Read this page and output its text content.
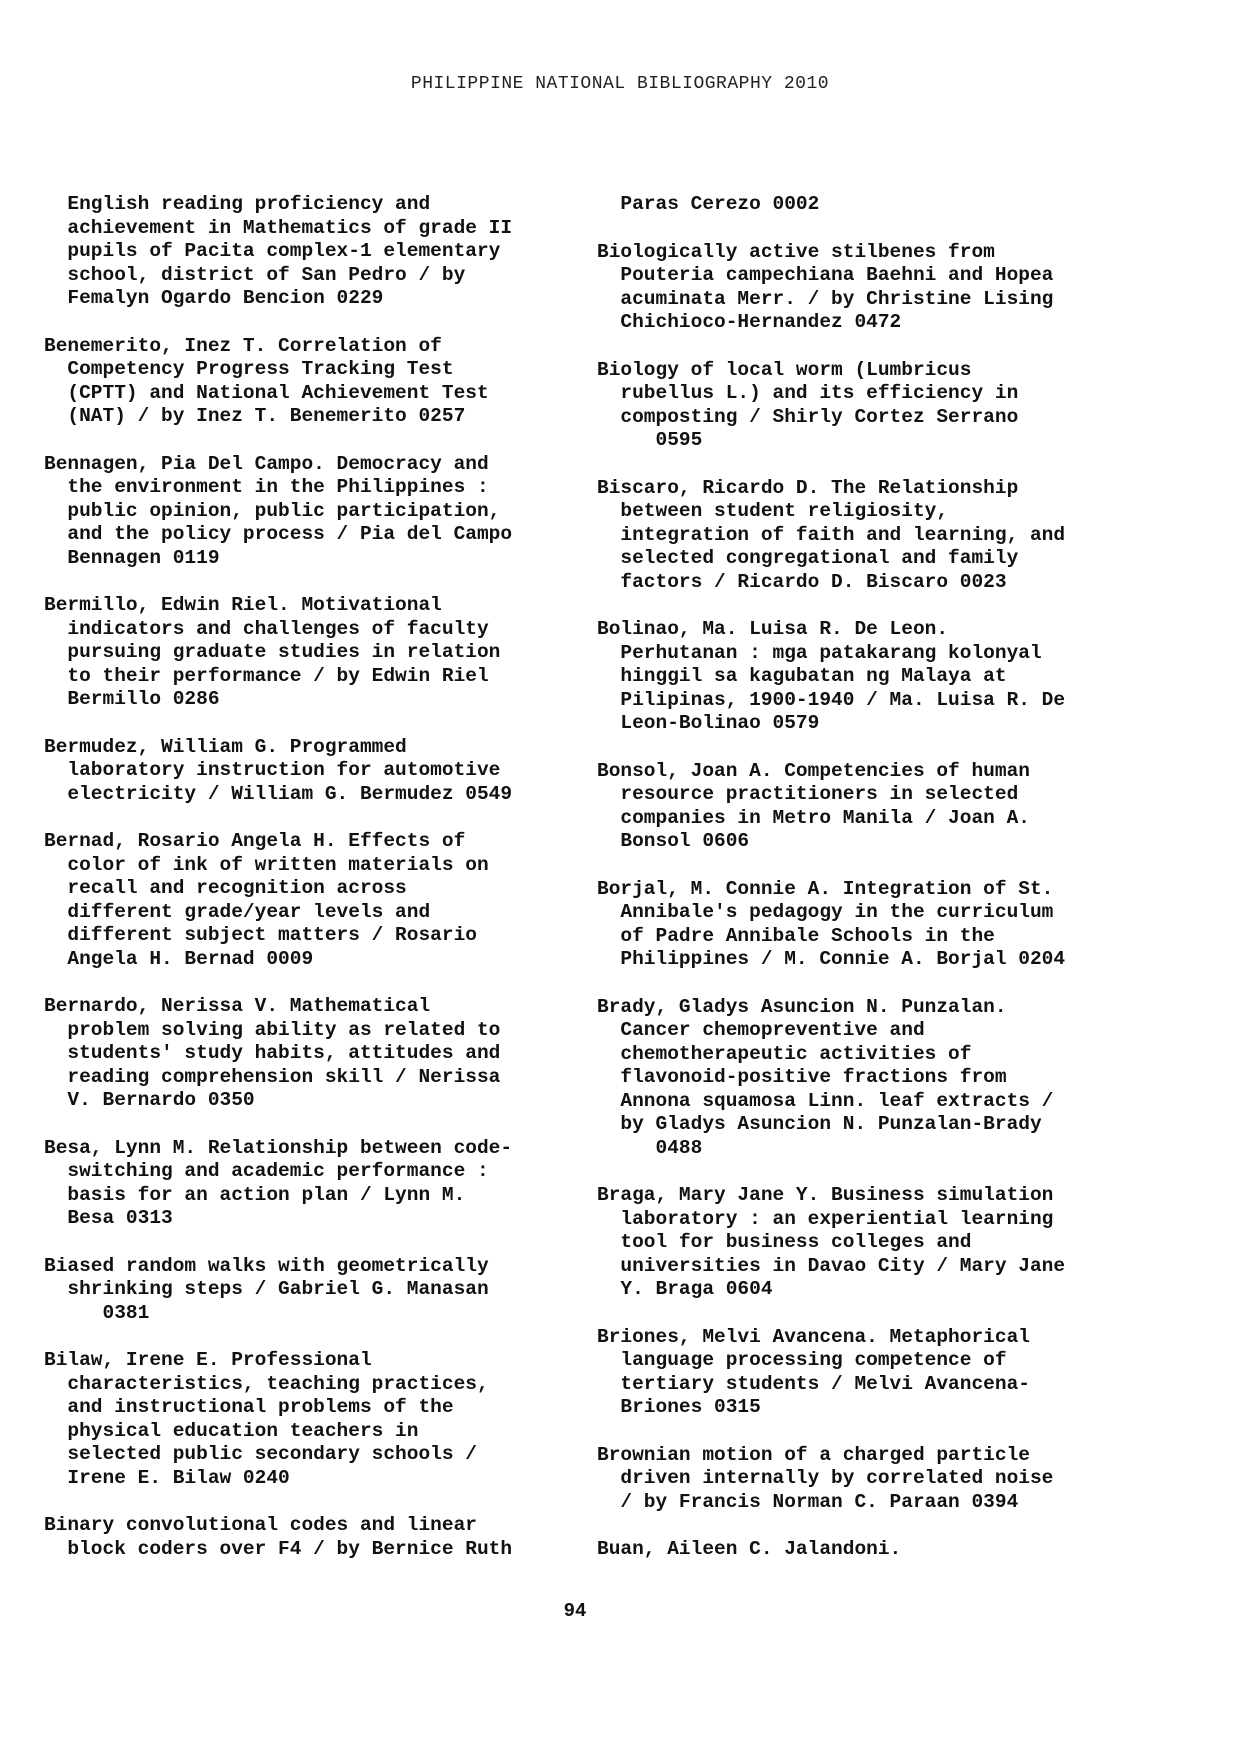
PHILIPPINE NATIONAL BIBLIOGRAPHY 2010
English reading proficiency and
achievement in Mathematics of grade II
pupils of Pacita complex-1 elementary
school, district of San Pedro / by
Femalyn Ogardo Bencion 0229
Benemerito, Inez T. Correlation of
Competency Progress Tracking Test
(CPTT) and National Achievement Test
(NAT) / by Inez T. Benemerito 0257
Bennagen, Pia Del Campo. Democracy and
the environment in the Philippines :
public opinion, public participation,
and the policy process / Pia del Campo
Bennagen 0119
Bermillo, Edwin Riel. Motivational
indicators and challenges of faculty
pursuing graduate studies in relation
to their performance / by Edwin Riel
Bermillo 0286
Bermudez, William G. Programmed
laboratory instruction for automotive
electricity / William G. Bermudez 0549
Bernad, Rosario Angela H. Effects of
color of ink of written materials on
recall and recognition across
different grade/year levels and
different subject matters / Rosario
Angela H. Bernad 0009
Bernardo, Nerissa V. Mathematical
problem solving ability as related to
students' study habits, attitudes and
reading comprehension skill / Nerissa
V. Bernardo 0350
Besa, Lynn M. Relationship between code-
switching and academic performance :
basis for an action plan / Lynn M.
Besa 0313
Biased random walks with geometrically
shrinking steps / Gabriel G. Manasan
0381
Bilaw, Irene E. Professional
characteristics, teaching practices,
and instructional problems of the
physical education teachers in
selected public secondary schools /
Irene E. Bilaw 0240
Binary convolutional codes and linear
block coders over F4 / by Bernice Ruth
Paras Cerezo 0002
Biologically active stilbenes from
Pouteria campechiana Baehni and Hopea
acuminata Merr. / by Christine Lising
Chichioco-Hernandez 0472
Biology of local worm (Lumbricus
rubellus L.) and its efficiency in
composting / Shirly Cortez Serrano
0595
Biscaro, Ricardo D. The Relationship
between student religiosity,
integration of faith and learning, and
selected congregational and family
factors / Ricardo D. Biscaro 0023
Bolinao, Ma. Luisa R. De Leon.
Perhutanan : mga patakarang kolonyal
hinggil sa kagubatan ng Malaya at
Pilipinas, 1900-1940 / Ma. Luisa R. De
Leon-Bolinao 0579
Bonsol, Joan A. Competencies of human
resource practitioners in selected
companies in Metro Manila / Joan A.
Bonsol 0606
Borjal, M. Connie A. Integration of St.
Annibale's pedagogy in the curriculum
of Padre Annibale Schools in the
Philippines / M. Connie A. Borjal 0204
Brady, Gladys Asuncion N. Punzalan.
Cancer chemopreventive and
chemotherapeutic activities of
flavonoid-positive fractions from
Annona squamosa Linn. leaf extracts /
by Gladys Asuncion N. Punzalan-Brady
0488
Braga, Mary Jane Y. Business simulation
laboratory : an experiential learning
tool for business colleges and
universities in Davao City / Mary Jane
Y. Braga 0604
Briones, Melvi Avancena. Metaphorical
language processing competence of
tertiary students / Melvi Avancena-
Briones 0315
Brownian motion of a charged particle
driven internally by correlated noise
/ by Francis Norman C. Paraan 0394
Buan, Aileen C. Jalandoni.
94
